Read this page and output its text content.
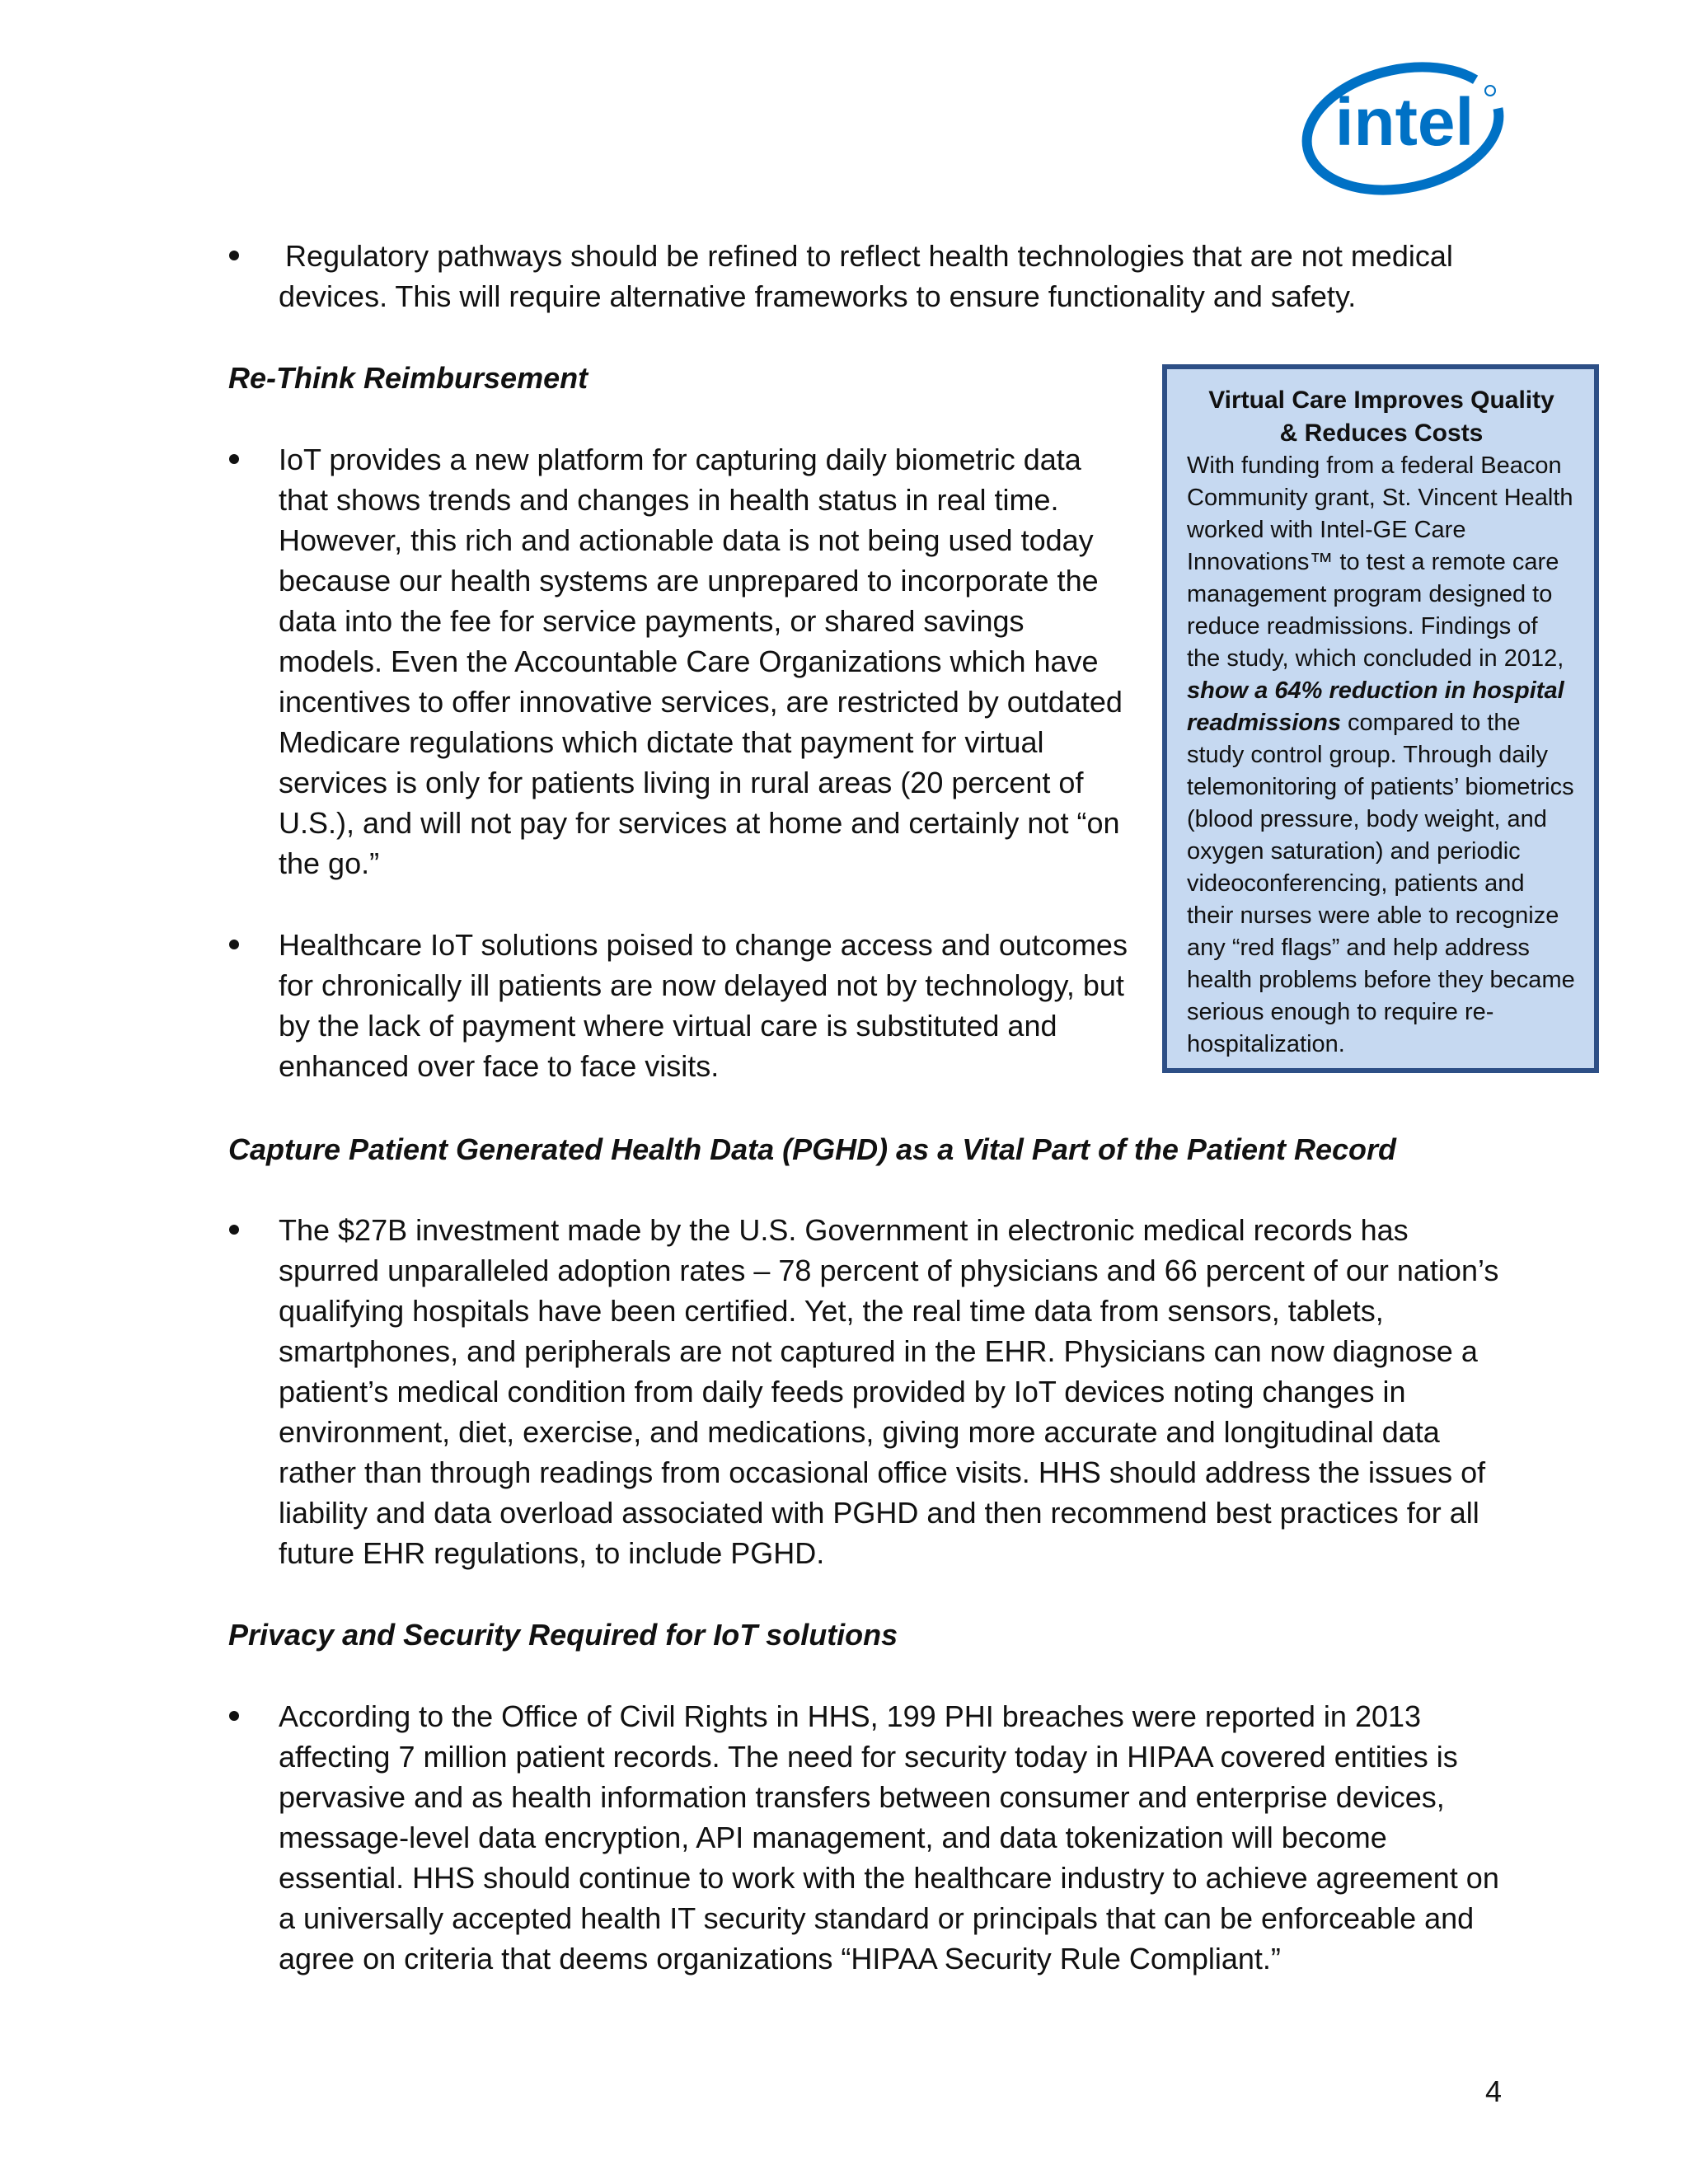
intel
Regulatory pathways should be refined to reflect health technologies that are not medical devices. This will require alternative frameworks to ensure functionality and safety.
Re-Think Reimbursement
IoT provides a new platform for capturing daily biometric data that shows trends and changes in health status in real time. However, this rich and actionable data is not being used today because our health systems are unprepared to incorporate the data into the fee for service payments, or shared savings models. Even the Accountable Care Organizations which have incentives to offer innovative services, are restricted by outdated Medicare regulations which dictate that payment for virtual services is only for patients living in rural areas (20 percent of U.S.), and will not pay for services at home and certainly not “on the go.”
Healthcare IoT solutions poised to change access and outcomes for chronically ill patients are now delayed not by technology, but by the lack of payment where virtual care is substituted and enhanced over face to face visits.
Virtual Care Improves Quality
& Reduces Costs

With funding from a federal Beacon Community grant, St. Vincent Health worked with Intel-GE Care Innovations™ to test a remote care management program designed to reduce readmissions. Findings of the study, which concluded in 2012, show a 64% reduction in hospital readmissions compared to the study control group. Through daily telemonitoring of patients’ biometrics (blood pressure, body weight, and oxygen saturation) and periodic videoconferencing, patients and their nurses were able to recognize any “red flags” and help address health problems before they became serious enough to require re-hospitalization.

Capture Patient Generated Health Data (PGHD) as a Vital Part of the Patient Record
The $27B investment made by the U.S. Government in electronic medical records has spurred unparalleled adoption rates – 78 percent of physicians and 66 percent of our nation’s qualifying hospitals have been certified. Yet, the real time data from sensors, tablets, smartphones, and peripherals are not captured in the EHR. Physicians can now diagnose a patient’s medical condition from daily feeds provided by IoT devices noting changes in environment, diet, exercise, and medications, giving more accurate and longitudinal data rather than through readings from occasional office visits. HHS should address the issues of liability and data overload associated with PGHD and then recommend best practices for all future EHR regulations, to include PGHD.
Privacy and Security Required for IoT solutions
According to the Office of Civil Rights in HHS, 199 PHI breaches were reported in 2013 affecting 7 million patient records. The need for security today in HIPAA covered entities is pervasive and as health information transfers between consumer and enterprise devices, message-level data encryption, API management, and data tokenization will become essential. HHS should continue to work with the healthcare industry to achieve agreement on a universally accepted health IT security standard or principals that can be enforceable and agree on criteria that deems organizations “HIPAA Security Rule Compliant.”
4
